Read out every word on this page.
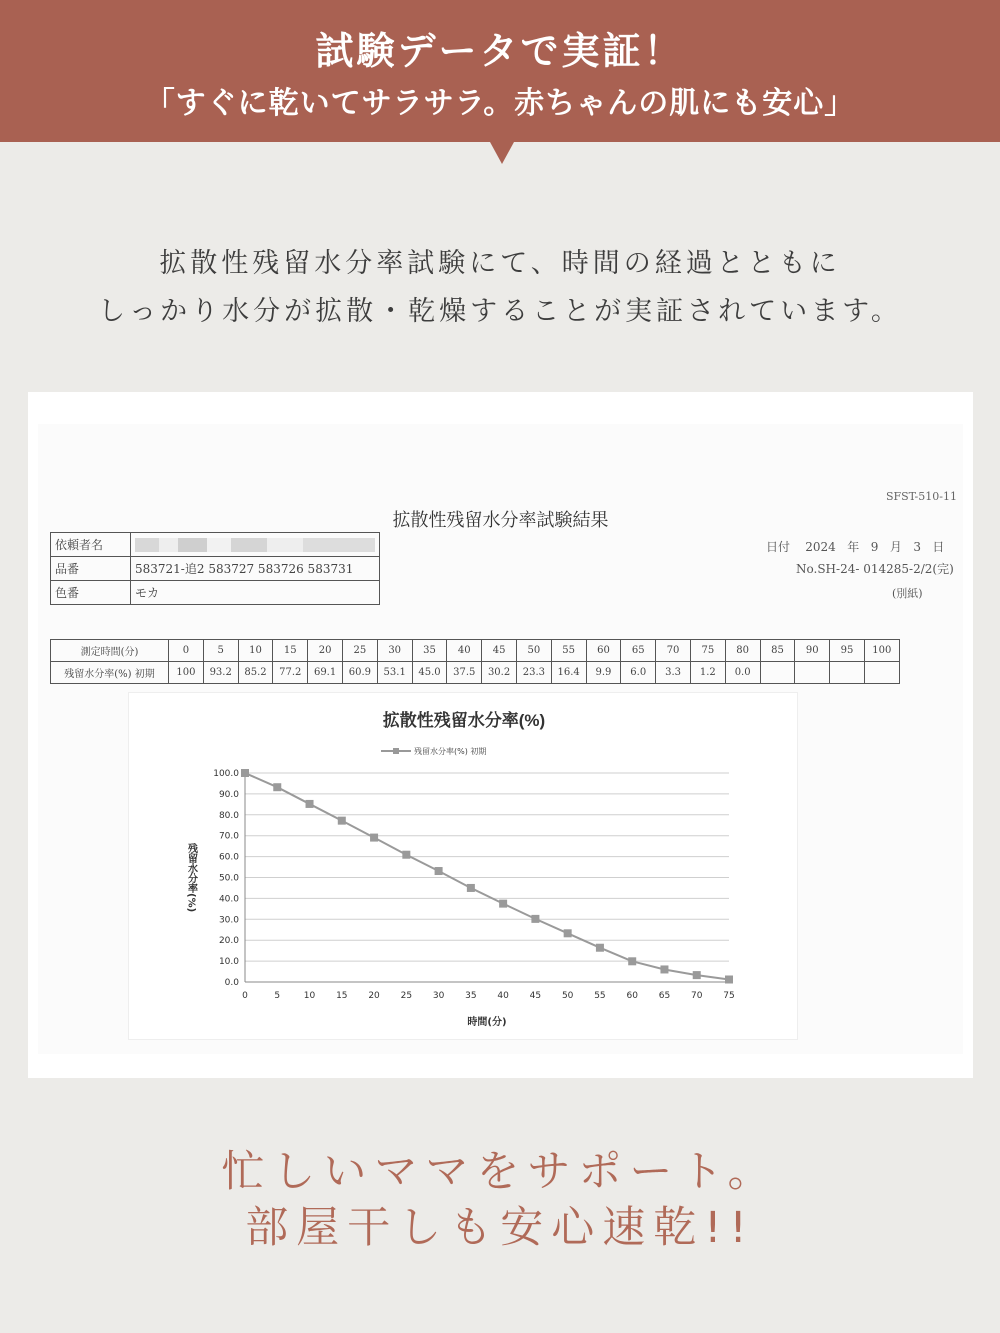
試験データで実証！
「すぐに乾いてサラサラ。赤ちゃんの肌にも安心」
拡散性残留水分率試験にて、時間の経過とともに
しっかり水分が拡散・乾燥することが実証されています。
SFST-510-11
拡散性残留水分率試験結果
依頼者名	
品番	583721-追2 583727 583726 583731
色番	モカ
日付 2024 年 9 月 3 日
No.SH-24- 014285-2/2(完)
(別紙)
測定時間(分)	0	5	10	15	20	25	30	35	40	45	50	55	60	65	70	75	80	85	90	95	100
残留水分率(%) 初期	100	93.2	85.2	77.2	69.1	60.9	53.1	45.0	37.5	30.2	23.3	16.4	9.9	6.0	3.3	1.2	0.0				
拡散性残留水分率(%)
残留水分率(%) 初期
0.0
10.0
20.0
30.0
40.0
50.0
60.0
70.0
80.0
90.0
100.0
0	5	10 15 20 25 30 35 40 45 50 55 60 65 70 75
時間(分)
残留水分率(%)
忙しいママをサポート。
部屋干しも安心速乾!!
